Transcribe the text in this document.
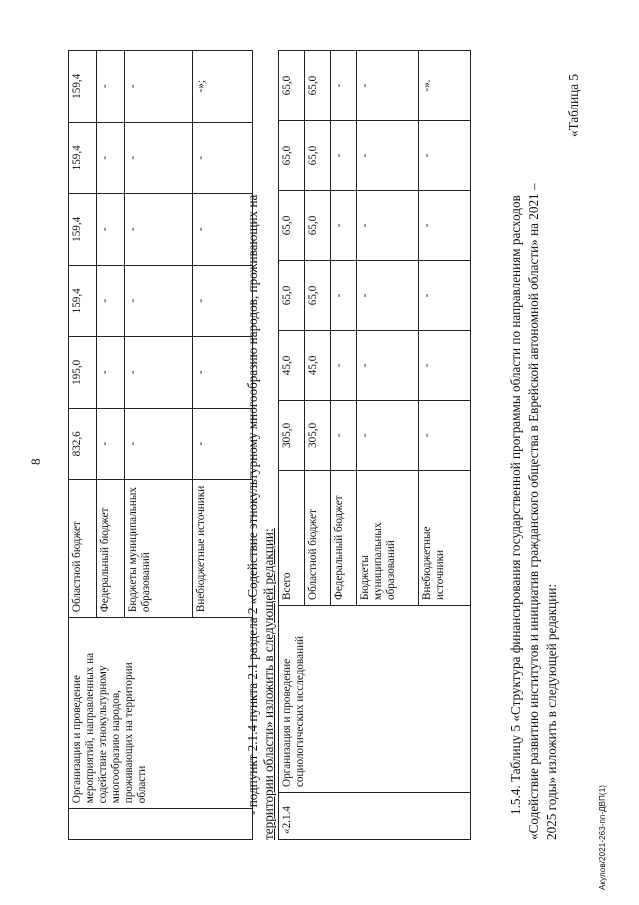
8
	Организация и проведение мероприятий, направленных на содействие этнокультурному многообразию народов, проживающих на территории области	Областной бюджет	832,6	195,0	159,4	159,4	159,4	159,4
		Федеральный бюджет	-	-	-	-	-	-
		Бюджеты муниципальных образований	-	-	-	-	-	-
		Внебюджетные источники	-	-	-	-	-	-»;
- подпункт 2.1.4 пункта 2.1 раздела 2 «Содействие этнокультурному многообразию народов, проживающих на территории области» изложить в следующей редакции: «2.1.4	Организация и проведение социологических исследований	Всего	305,0	45,0	65,0	65,0	65,0	65,0
		Областной бюджет	305,0	45,0	65,0	65,0	65,0	65,0
		Федеральный бюджет	-	-	-	-	-	-
		Бюджеты муниципальных образований	-	-	-	-	-	-
		Внебюджетные источники	-	-	-	-	-	-».
1.5.4. Таблицу 5 «Структура финансирования государственной программы области по направлениям расходов «Содействие развитию институтов и инициатив гражданского общества в Еврейской автономной области» на 2021 – 2025 годы» изложить в следующей редакции:
«Таблица 5
Акулов/2021-263-пп-ДВП(1)
